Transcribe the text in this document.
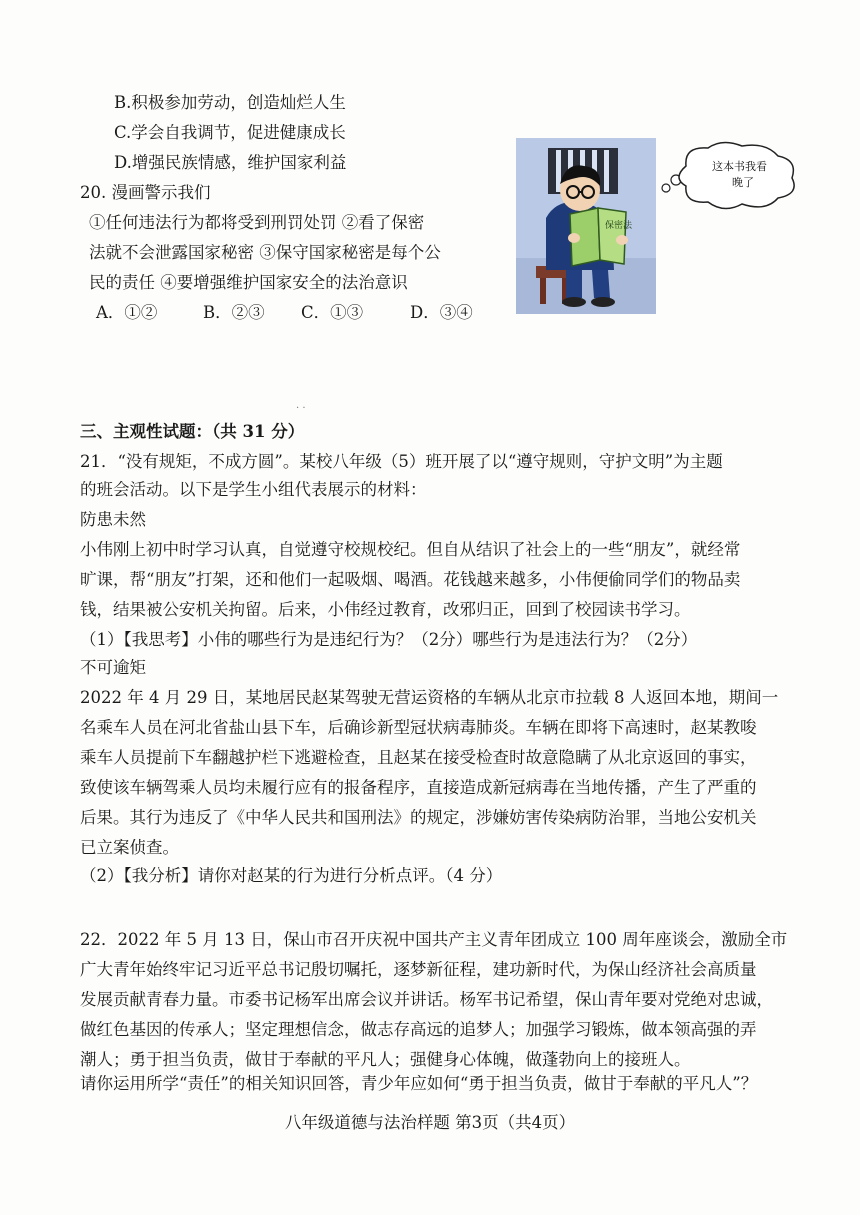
B.积极参加劳动，创造灿烂人生
C.学会自我调节，促进健康成长
D.增强民族情感，维护国家利益
20. 漫画警示我们
①任何违法行为都将受到刑罚处罚 ②看了保密
法就不会泄露国家秘密 ③保守国家秘密是每个公
民的责任 ④要增强维护国家安全的法治意识
A．①②	B．②③ C．①③	D．③④
保密法
这本书我看
晚了
. .
三、主观性试题：（共 31 分）
21．“没有规矩，不成方圆”。某校八年级（5）班开展了以“遵守规则，守护文明”为主题
的班会活动。以下是学生小组代表展示的材料：
防患未然
小伟刚上初中时学习认真，自觉遵守校规校纪。但自从结识了社会上的一些“朋友”，就经常
旷课，帮“朋友”打架，还和他们一起吸烟、喝酒。花钱越来越多，小伟便偷同学们的物品卖
钱，结果被公安机关拘留。后来，小伟经过教育，改邪归正，回到了校园读书学习。
（1）【我思考】小伟的哪些行为是违纪行为？（2分）哪些行为是违法行为？（2分）
不可逾矩
2022 年 4 月 29 日，某地居民赵某驾驶无营运资格的车辆从北京市拉载 8 人返回本地，期间一
名乘车人员在河北省盐山县下车，后确诊新型冠状病毒肺炎。车辆在即将下高速时，赵某教唆
乘车人员提前下车翻越护栏下逃避检查，且赵某在接受检查时故意隐瞒了从北京返回的事实，
致使该车辆驾乘人员均未履行应有的报备程序，直接造成新冠病毒在当地传播，产生了严重的
后果。其行为违反了《中华人民共和国刑法》的规定，涉嫌妨害传染病防治罪，当地公安机关
已立案侦查。
（2）【我分析】请你对赵某的行为进行分析点评。（4 分）
22．2022 年 5 月 13 日，保山市召开庆祝中国共产主义青年团成立 100 周年座谈会，激励全市
广大青年始终牢记习近平总书记殷切嘱托，逐梦新征程，建功新时代，为保山经济社会高质量
发展贡献青春力量。市委书记杨军出席会议并讲话。杨军书记希望，保山青年要对党绝对忠诚，
做红色基因的传承人；坚定理想信念，做志存高远的追梦人；加强学习锻炼，做本领高强的弄
潮人；勇于担当负责，做甘于奉献的平凡人；强健身心体魄，做蓬勃向上的接班人。
请你运用所学“责任”的相关知识回答，青少年应如何“勇于担当负责，做甘于奉献的平凡人”？
八年级道德与法治样题 第3页（共4页）
